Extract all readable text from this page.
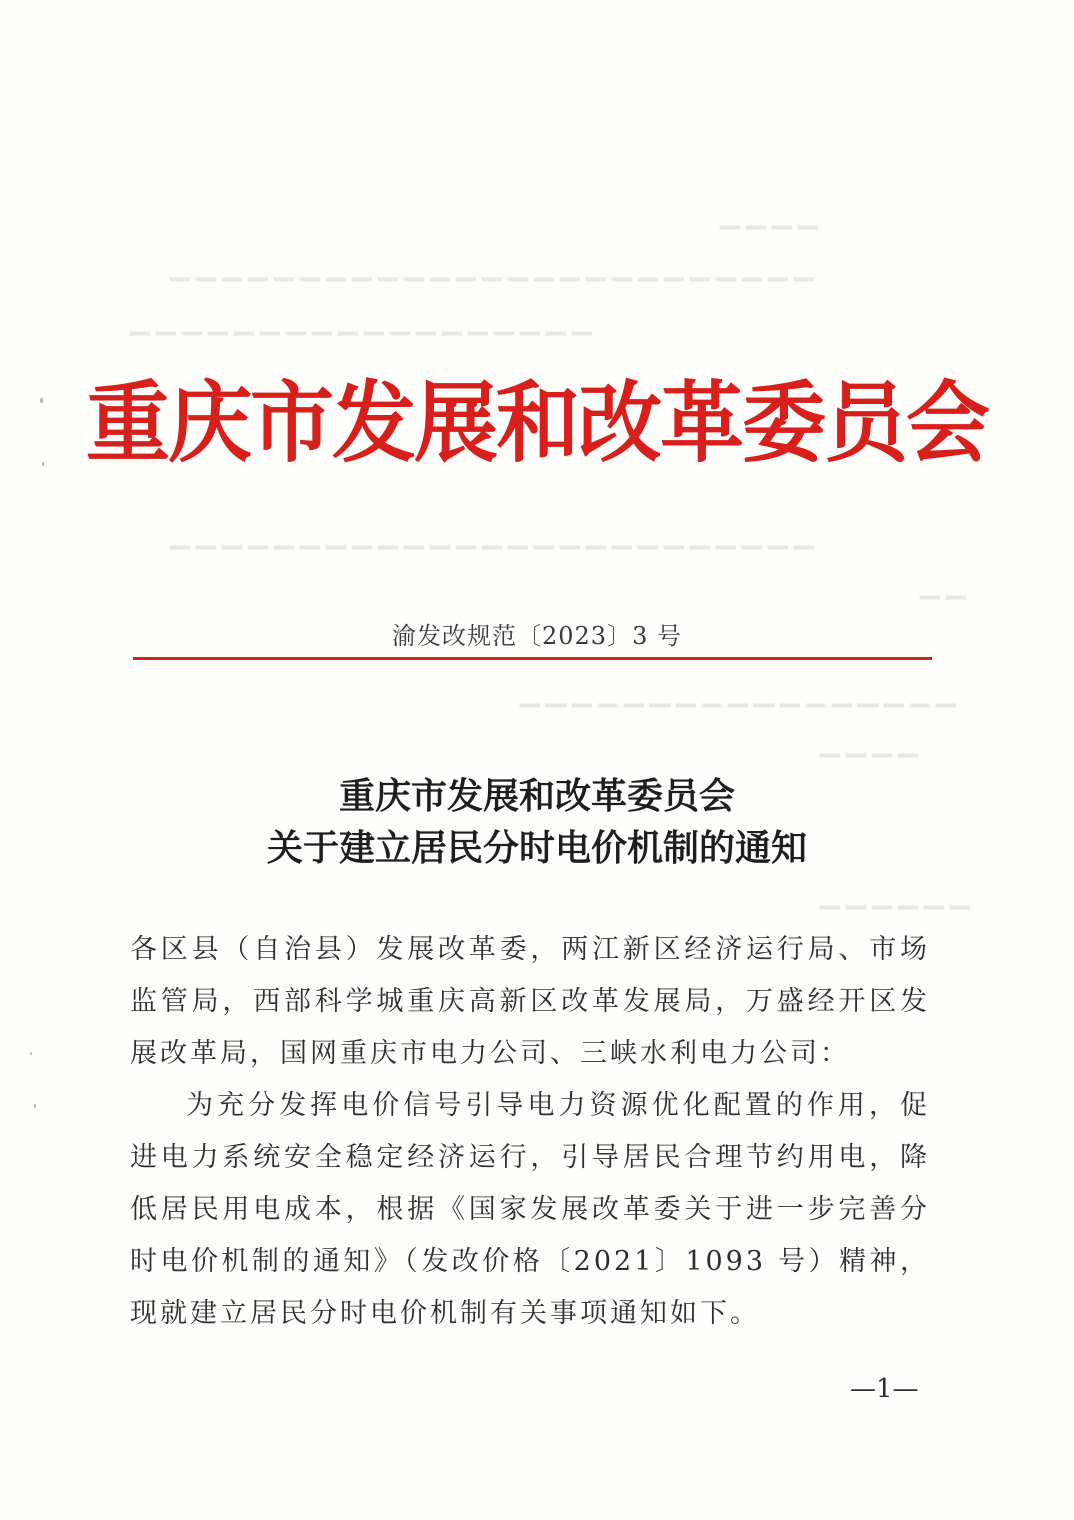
▁▁▁▁
▁▁▁▁▁▁▁▁▁▁▁▁▁▁▁▁▁▁▁▁▁▁▁▁▁
▁▁▁▁▁▁▁▁▁▁▁▁▁▁▁▁▁▁
▁▁▁▁▁▁▁▁▁▁▁▁▁▁▁▁▁▁▁▁▁▁▁▁▁
▁▁
▁▁▁▁▁▁▁▁▁▁▁▁▁▁▁▁▁
▁▁▁▁
▁▁▁▁▁▁
重庆市发展和改革委员会
渝发改规范〔2023〕3 号
重庆市发展和改革委员会
关于建立居民分时电价机制的通知

各区县（自治县）发展改革委，两江新区经济运行局、市场监管局，西部科学城重庆高新区改革发展局，万盛经开区发展改革局，国网重庆市电力公司、三峡水利电力公司：

为充分发挥电价信号引导电力资源优化配置的作用，促进电力系统安全稳定经济运行，引导居民合理节约用电，降低居民用电成本，根据《国家发展改革委关于进一步完善分时电价机制的通知》（发改价格〔2021〕1093 号）精神，现就建立居民分时电价机制有关事项通知如下。

—1—
